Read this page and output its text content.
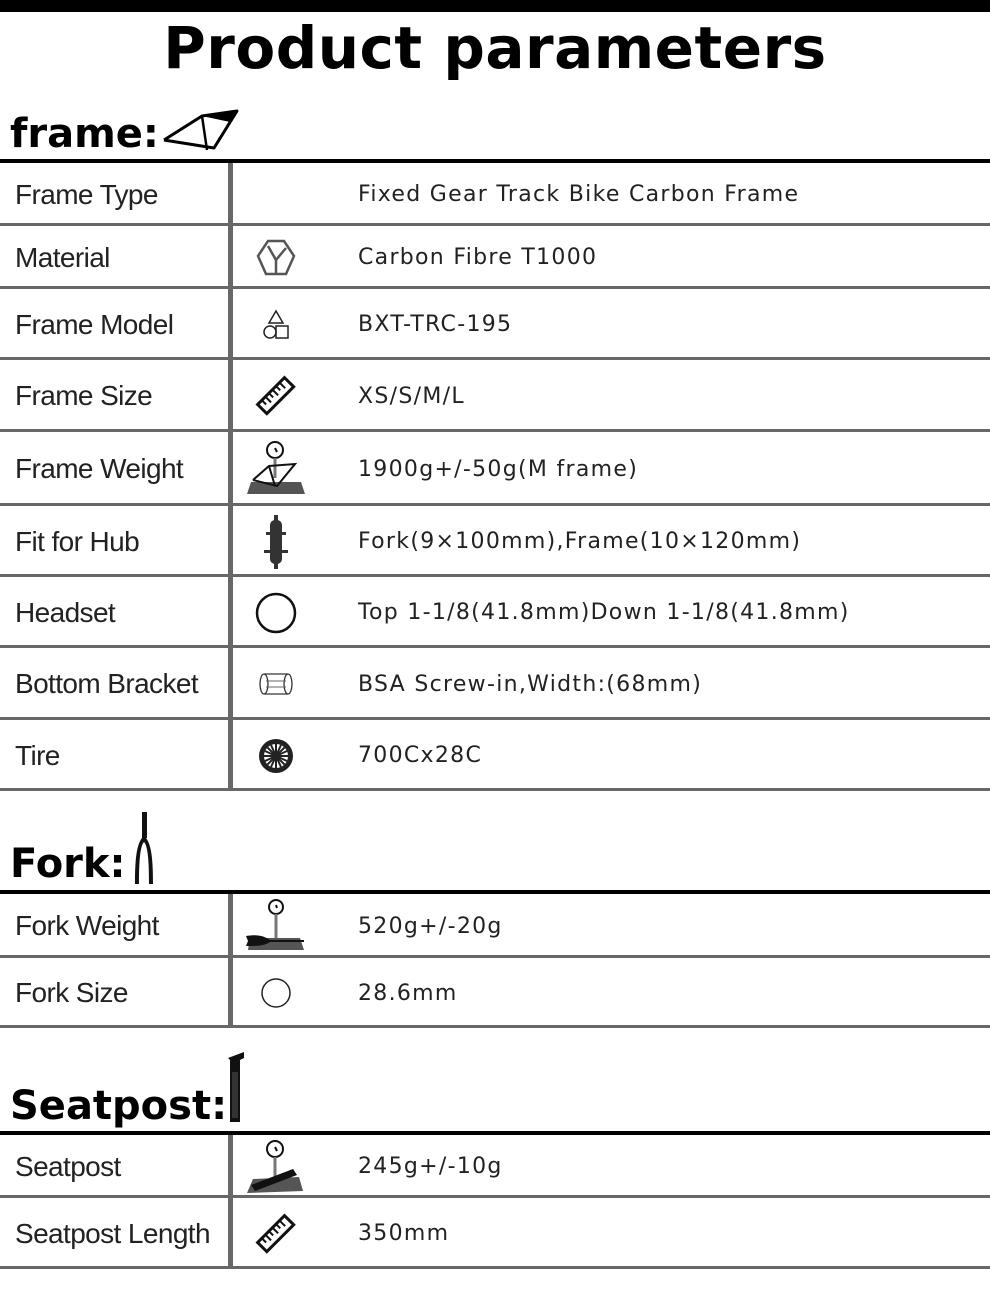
Product parameters
frame:
Frame Type	Fixed Gear Track Bike Carbon Frame
Material	Carbon Fibre T1000
Frame Model	BXT-TRC-195
Frame Size	XS/S/M/L
Frame Weight	1900g+/-50g(M frame)
Fit for Hub	Fork(9×100mm),Frame(10×120mm)
Headset	Top 1-1/8(41.8mm)Down 1-1/8(41.8mm)
Bottom Bracket	BSA Screw-in,Width:(68mm)
Tire	700Cx28C
Fork:
Fork Weight	520g+/-20g
Fork Size	28.6mm
Seatpost:
Seatpost	245g+/-10g
Seatpost Length	350mm
